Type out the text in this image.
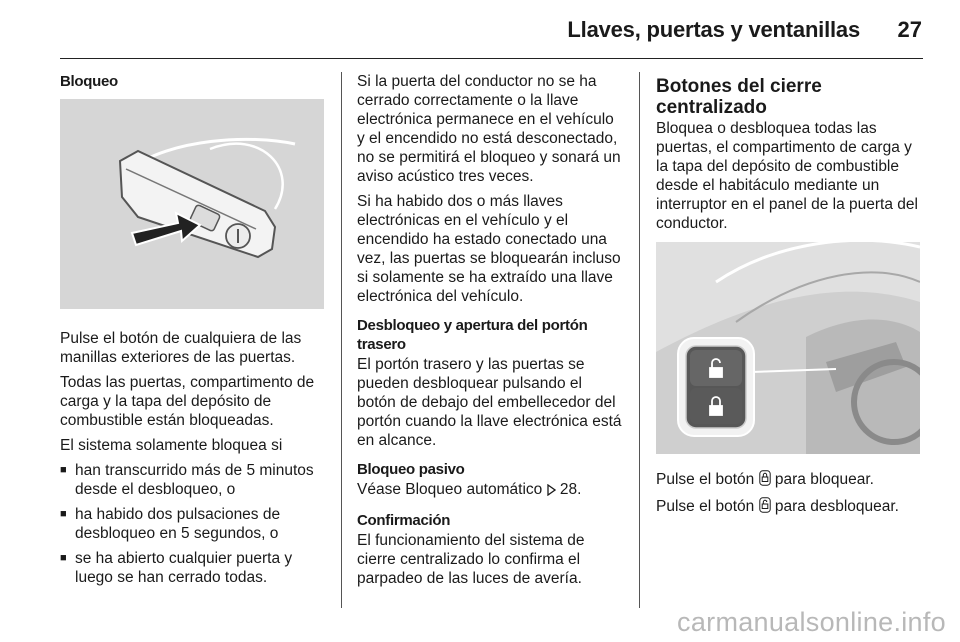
Llaves, puertas y ventanillas 27
Bloqueo

Pulse el botón de cualquiera de las manillas exteriores de las puertas.

Todas las puertas, compartimento de carga y la tapa del depósito de combustible están bloqueadas.

El sistema solamente bloquea si

■ han transcurrido más de 5 minutos desde el desbloqueo, o
■ ha habido dos pulsaciones de desbloqueo en 5 segundos, o
■ se ha abierto cualquier puerta y luego se han cerrado todas.

Si la puerta del conductor no se ha cerrado correctamente o la llave electrónica permanece en el vehículo y el encendido no está desconectado, no se permitirá el bloqueo y sonará un aviso acústico tres veces.

Si ha habido dos o más llaves electrónicas en el vehículo y el encendido ha estado conectado una vez, las puertas se bloquearán incluso si solamente se ha extraído una llave electrónica del vehículo.

Desbloqueo y apertura del portón trasero

El portón trasero y las puertas se pueden desbloquear pulsando el botón de debajo del embellecedor del portón cuando la llave electrónica está en alcance.

Bloqueo pasivo

Véase Bloqueo automático 28.

Confirmación

El funcionamiento del sistema de cierre centralizado lo confirma el parpadeo de las luces de avería.

Botones del cierre centralizado

Bloquea o desbloquea todas las puertas, el compartimento de carga y la tapa del depósito de combustible desde el habitáculo mediante un interruptor en el panel de la puerta del conductor.

Pulse el botón para bloquear.

Pulse el botón para desbloquear.

carmanualsonline.info
